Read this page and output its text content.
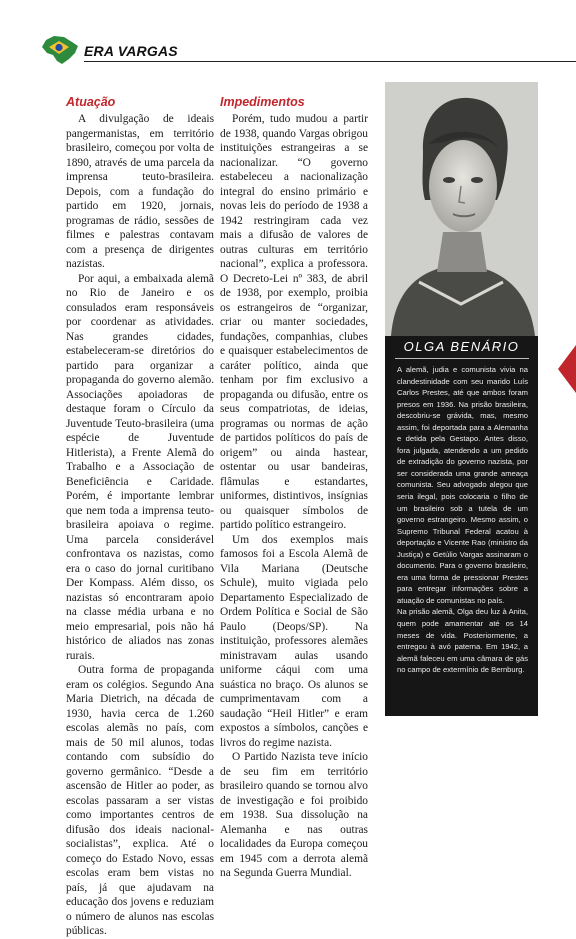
ERA VARGAS
Atuação

A divulgação de ideais pangermanistas, em território brasileiro, começou por volta de 1890, através de uma parcela da imprensa teuto-brasileira. Depois, com a fundação do partido em 1920, jornais, programas de rádio, sessões de filmes e palestras contavam com a presença de dirigentes nazistas.

Por aqui, a embaixada alemã no Rio de Janeiro e os consulados eram responsáveis por coordenar as atividades. Nas grandes cidades, estabeleceram-se diretórios do partido para organizar a propaganda do governo alemão. Associações apoiadoras de destaque foram o Círculo da Juventude Teuto-brasileira (uma espécie de Juventude Hitlerista), a Frente Alemã do Trabalho e a Associação de Beneficiência e Caridade. Porém, é importante lembrar que nem toda a imprensa teuto-brasileira apoiava o regime. Uma parcela considerável confrontava os nazistas, como era o caso do jornal curitibano Der Kompass. Além disso, os nazistas só encontraram apoio na classe média urbana e no meio empresarial, pois não há histórico de aliados nas zonas rurais.

Outra forma de propaganda eram os colégios. Segundo Ana Maria Dietrich, na década de 1930, havia cerca de 1.260 escolas alemãs no país, com mais de 50 mil alunos, todas contando com subsídio do governo germânico. “Desde a ascensão de Hitler ao poder, as escolas passaram a ser vistas como importantes centros de difusão dos ideais nacional-socialistas”, explica. Até o começo do Estado Novo, essas escolas eram bem vistas no país, já que ajudavam na educação dos jovens e reduziam o número de alunos nas escolas públicas.

Impedimentos

Porém, tudo mudou a partir de 1938, quando Vargas obrigou instituições estrangeiras a se nacionalizar. “O governo estabeleceu a nacionalização integral do ensino primário e novas leis do período de 1938 a 1942 restringiram cada vez mais a difusão de valores de outras culturas em território nacional”, explica a professora. O Decreto-Lei nº 383, de abril de 1938, por exemplo, proibia os estrangeiros de “organizar, criar ou manter sociedades, fundações, companhias, clubes e quaisquer estabelecimentos de caráter político, ainda que tenham por fim exclusivo a propaganda ou difusão, entre os seus compatriotas, de ideias, programas ou normas de ação de partidos políticos do país de origem” ou ainda hastear, ostentar ou usar bandeiras, flâmulas e estandartes, uniformes, distintivos, insígnias ou quaisquer símbolos de partido político estrangeiro.

Um dos exemplos mais famosos foi a Escola Alemã de Vila Mariana (Deutsche Schule), muito vigiada pelo Departamento Especializado de Ordem Política e Social de São Paulo (Deops/SP). Na instituição, professores alemães ministravam aulas usando uniforme cáqui com uma suástica no braço. Os alunos se cumprimentavam com a saudação “Heil Hitler” e eram expostos a símbolos, canções e livros do regime nazista.

O Partido Nazista teve início de seu fim em território brasileiro quando se tornou alvo de investigação e foi proibido em 1938. Sua dissolução na Alemanha e nas outras localidades da Europa começou em 1945 com a derrota alemã na Segunda Guerra Mundial.

OLGA BENÁRIO

A alemã, judia e comunista vivia na clandestinidade com seu marido Luís Carlos Prestes, até que ambos foram presos em 1936. Na prisão brasileira, descobriu-se grávida, mas, mesmo assim, foi deportada para a Alemanha e detida pela Gestapo. Antes disso, fora julgada, atendendo a um pedido de extradição do governo nazista, por ser considerada uma grande ameaça comunista. Seu advogado alegou que seria ilegal, pois colocaria o filho de um brasileiro sob a tutela de um governo estrangeiro. Mesmo assim, o Supremo Tribunal Federal acatou à deportação e Vicente Rao (ministro da Justiça) e Getúlio Vargas assinaram o documento. Para o governo brasileiro, era uma forma de pressionar Prestes para entregar informações sobre a atuação de comunistas no país.

Na prisão alemã, Olga deu luz à Anita, quem pode amamentar até os 14 meses de vida. Posteriormente, a entregou à avó paterna. Em 1942, a alemã faleceu em uma câmara de gás no campo de extermínio de Bernburg.
